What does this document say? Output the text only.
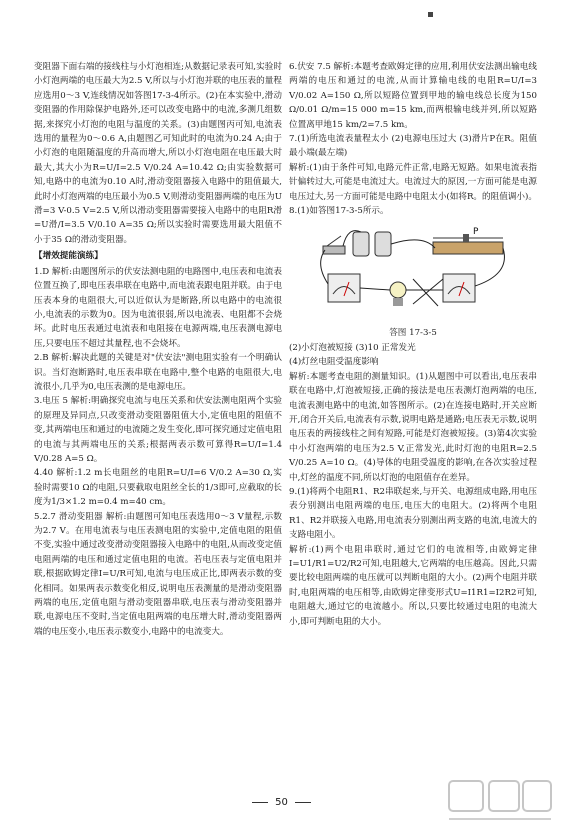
变阻器下面右端的接线柱与小灯泡相连;从数据记录表可知,实验时小灯泡两端的电压最大为2.5 V,所以与小灯泡并联的电压表的量程应选用0～3 V,连线情况如答图17-3-4所示。(2)在本实验中,滑动变阻器的作用除保护电路外,还可以改变电路中的电流,多测几组数据,来探究小灯泡的电阻与温度的关系。(3)由题图丙可知,电流表选用的量程为0～0.6 A,由题图乙可知此时的电流为0.24 A;由于小灯泡的电阻随温度的升高而增大,所以小灯泡电阻在电压最大时最大,其大小为R=U/I=2.5 V/0.24 A=10.42 Ω;由实验数据可知,电路中的电流为0.10 A时,滑动变阻器接入电路中的阻值最大,此时小灯泡两端的电压最小为0.5 V,则滑动变阻器两端的电压为U滑=3 V-0.5 V=2.5 V,所以滑动变阻器需要接入电路中的电阻R滑=U滑/I=3.5 V/0.10 A=35 Ω;所以实验时需要选用最大阻值不小于35 Ω的滑动变阻器。

【增效提能演练】

1.D 解析:由题图所示的伏安法测电阻的电路图中,电压表和电流表位置互换了,即电压表串联在电路中,而电流表跟电阻并联。由于电压表本身的电阻很大,可以近似认为是断路,所以电路中的电流很小,电流表的示数为0。因为电流很弱,所以电流表、电阻都不会烧坏。此时电压表通过电流表和电阻接在电源两端,电压表测电源电压,只要电压不超过其量程,也不会烧坏。

2.B 解析:解决此题的关键是对"伏安法"测电阻实验有一个明确认识。当灯泡断路时,电压表串联在电路中,整个电路的电阻很大,电流很小,几乎为0,电压表测的是电源电压。

3.电压 5 解析:明确探究电流与电压关系和伏安法测电阻两个实验的原理及异同点,只改变滑动变阻器阻值大小,定值电阻的阻值不变,其两端电压和通过的电流随之发生变化,即可探究通过定值电阻的电流与其两端电压的关系;根据两表示数可算得R=U/I=1.4 V/0.28 A=5 Ω。

4.40 解析:1.2 m长电阻丝的电阻R=U/I=6 V/0.2 A=30 Ω,实验时需要10 Ω的电阻,只要截取电阻丝全长的1/3即可,应截取的长度为1/3×1.2 m=0.4 m=40 cm。

5.2.7 滑动变阻器 解析:由题图可知电压表选用0～3 V量程,示数为2.7 V。在用电流表与电压表测电阻的实验中,定值电阻的阻值不变,实验中通过改变滑动变阻器接入电路中的电阻,从而改变定值电阻两端的电压和通过定值电阻的电流。若电压表与定值电阻并联,根据欧姆定律I=U/R可知,电流与电压成正比,即两表示数的变化相同。如果两表示数变化相反,说明电压表测量的是滑动变阻器两端的电压,定值电阻与滑动变阻器串联,电压表与滑动变阻器并联,电源电压不变时,当定值电阻两端的电压增大时,滑动变阻器两端的电压变小,电压表示数变小,电路中的电流变大。

6.伏安 7.5 解析:本题考查欧姆定律的应用,利用伏安法测出输电线两端的电压和通过的电流,从而计算输电线的电阻R=U/I=3 V/0.02 A=150 Ω,所以短路位置到甲地的输电线总长度为150 Ω/0.01 Ω/m=15 000 m=15 km,而两根输电线并列,所以短路位置离甲地15 km/2=7.5 km。

7.(1)所选电流表量程太小 (2)电源电压过大 (3)滑片P在R。阻值最小端(最左端)

解析:(1)由于条件可知,电路元件正常,电路无短路。如果电流表指针偏转过大,可能是电流过大。电流过大的原因,一方面可能是电源电压过大,另一方面可能是电路中电阻太小(如将R。的阻值调小)。

8.(1)如答图17-3-5所示。

P
答图 17-3-5

(2)小灯泡被短接 (3)10 正常发光

(4)灯丝电阻受温度影响

解析:本题考查电阻的测量知识。(1)从题图中可以看出,电压表串联在电路中,灯泡被短接,正确的接法是电压表测灯泡两端的电压,电流表测电路中的电流,如答图所示。(2)在连接电路时,开关应断开,闭合开关后,电流表有示数,说明电路是通路;电压表无示数,说明电压表的两接线柱之间有短路,可能是灯泡被短接。(3)第4次实验中小灯泡两端的电压为2.5 V,正常发光,此时灯泡的电阻R=2.5 V/0.25 A=10 Ω。(4)导体的电阻受温度的影响,在各次实验过程中,灯丝的温度不同,所以灯泡的电阻值存在差异。

9.(1)将两个电阻R1、R2串联起来,与开关、电源组成电路,用电压表分别测出电阻两端的电压,电压大的电阻大。(2)将两个电阻R1、R2并联接入电路,用电流表分别测出两支路的电流,电流大的支路电阻小。

解析:(1)两个电阻串联时,通过它们的电流相等,由欧姆定律I=U1/R1=U2/R2可知,电阻越大,它两端的电压越高。因此,只需要比较电阻两端的电压就可以判断电阻的大小。(2)两个电阻并联时,电阻两端的电压相等,由欧姆定律变形式U=I1R1=I2R2可知,电阻越大,通过它的电流越小。所以,只要比较通过电阻的电流大小,即可判断电阻的大小。

50
